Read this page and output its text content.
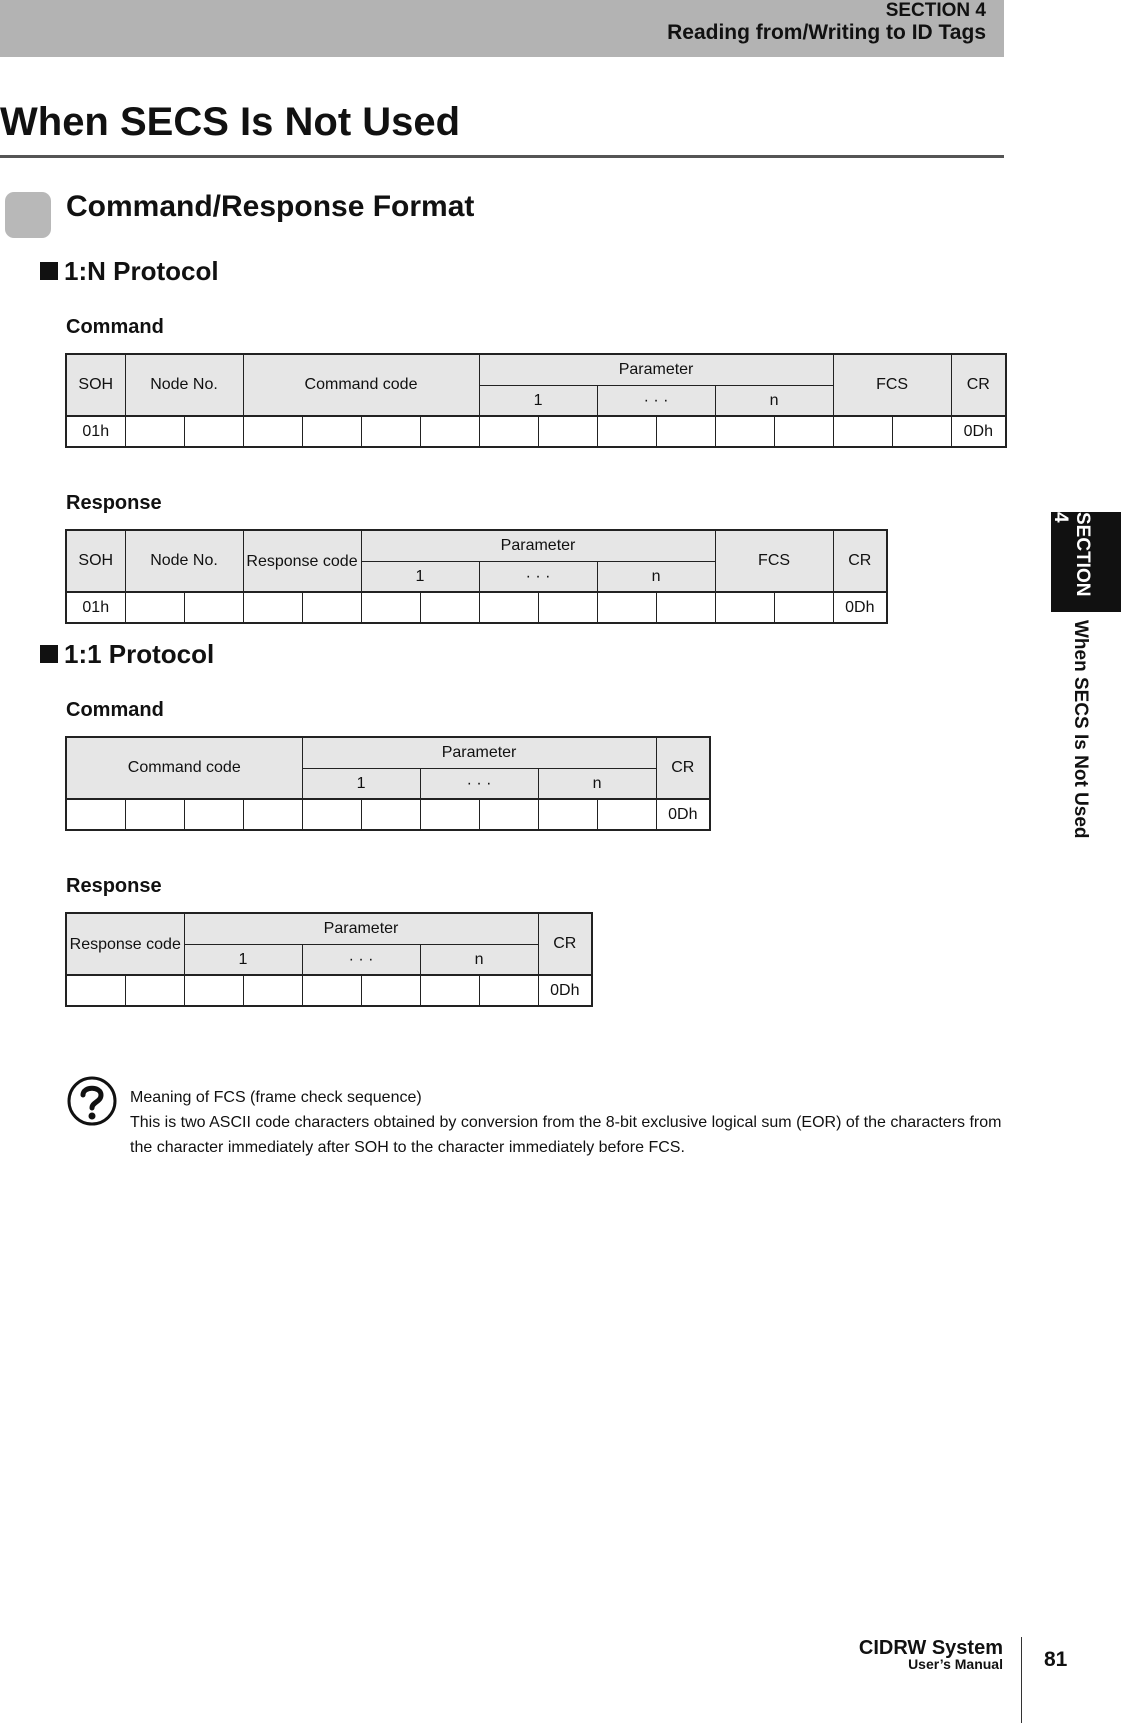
SECTION 4
Reading from/Writing to ID Tags
When SECS Is Not Used
Command/Response Format
1:N Protocol
Command
SOH	Node No.		Command code				Parameter						FCS		CR
							1		· · ·		n				
01h															0Dh
Response
SOH	Node No.		Response code		Parameter						FCS		CR
					1		· · ·		n				
01h													0Dh
1:1 Protocol
Command
Command code				Parameter						CR
				1		· · ·		n		
										0Dh
Response
Response code		Parameter						CR
		1		· · ·		n		
								0Dh

Meaning of FCS (frame check sequence)

This is two ASCII code characters obtained by conversion from the 8-bit exclusive logical sum (EOR) of the characters from the character immediately after SOH to the character immediately before FCS.

SECTION 4
When SECS Is Not Used
CIDRW System
User’s Manual 81
